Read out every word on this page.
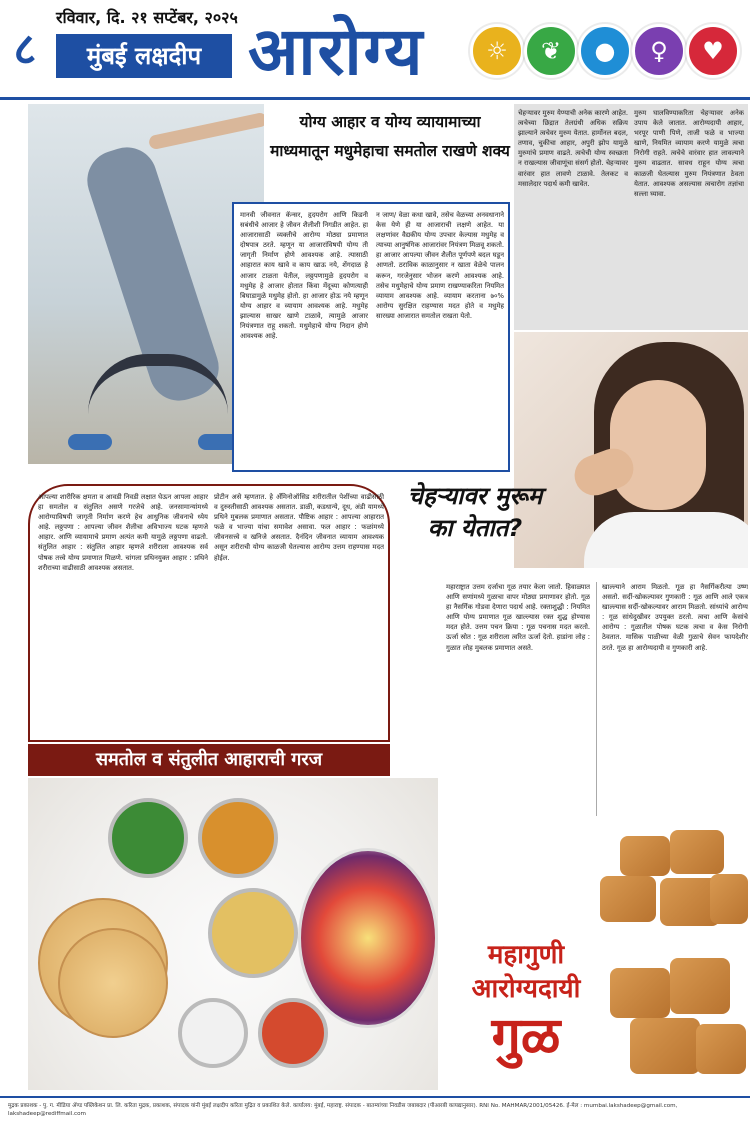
८
रविवार, दि. २१ सप्टेंबर, २०२५
मुंबई लक्षदीप आरोग्य	☼	❦	●	♀	♥
योग्य आहार व योग्य व्यायामाच्या माध्यमातून मधुमेहाचा समतोल राखणे शक्य
मानवी जीवनात कॅन्सर, हृदयरोग आणि किडनी सबंधीचे आजार हे जीवन शैलीशी निगडीत आहेत. हा आजारासाठी व्यक्तीचे आरोग्य मोठ्या प्रमाणात दोषपात्र ठरते. म्हणून या आजारांविषयी योग्य ती जागृती निर्माण होणे आवश्यक आहे. त्यासाठी आहारात काय खावे व काय खाऊ नये, शेंगदाळ हे आजार टाळता येतील, लठ्ठपणामुळे हृदयरोग व मधुमेह हे आजार होतात किंवा मेंदूच्या कोणत्याही बिघाडामुळे मधुमेह होतो. हा आजार होऊ नये म्हणून योग्य आहार व व्यायाम आवश्यक आहे. मधुमेह झाल्यास साखर खाणे टाळावे, त्यामुळे आजार नियंत्रणात राहू शकतो. मधुमेहाचे योग्य निदान होणे आवश्यक आहे.
न जाण/ वेळा कधा खावे, तसेच वेळच्या अनवधानाने केस येणे ही या आजाराची लक्षणे आहेत. या लक्षणांवर वैद्यकीय योग्य उपचार केल्यास मधुमेह व त्याच्या आनुषंगिक आजारांवर नियंत्रण मिळवू शकतो. हा आजार आपल्या जीवन शैलीत पूर्णपणे बदल घडून आणतो. ठराविक काळानुसार न खाता वेळेचे पालन करून, गरजेनुसार भोजन करणे आवश्यक आहे. तसेच मधुमेहाचे योग्य प्रमाण राखण्याकरिता नियमित व्यायाम आवश्यक आहे. व्यायाम करताना ७०% आरोग्य सुरक्षित राहण्यास मदत होते व मधुमेह सारख्या आजारात समतोल राखता येतो.
चेहऱ्यावर मुरुम येण्याची अनेक कारणे आहेत. त्वचेच्या छिद्रात तेलग्रंथी अधिक सक्रिय झाल्याने त्वचेवर मुरुम येतात. हार्मोनल बदल, तणाव, चुकीचा आहार, अपुरी झोप यामुळे मुरुमांचे प्रमाण वाढते. त्वचेची योग्य स्वच्छता न राखल्यास जीवाणूंचा संसर्ग होतो. चेहऱ्यावर वारंवार हात लावणे टाळावे. तेलकट व मसालेदार पदार्थ कमी खावेत.
मुरुम घालविण्याकरिता चेहऱ्यावर अनेक उपाय केले जातात. आरोग्यदायी आहार, भरपूर पाणी पिणे, ताजी फळे व भाज्या खाणे, नियमित व्यायाम करणे यामुळे त्वचा निरोगी राहते. त्वचेचे वारंवार हात लावल्याने मुरुम वाढतात. सावध राहून योग्य त्वचा काळजी घेतल्यास मुरुम नियंत्रणात ठेवता येतात. आवश्यक असल्यास त्वचारोग तज्ञांचा सल्ला घ्यावा.
चेहऱ्यावर मुरूम का येतात?
आपल्या शारीरिक क्षमता व आवडी निवडी लक्षात घेऊन आपला आहार हा समतोल व संतुलित असणे गरजेचे आहे. जनसामान्यांमध्ये आरोग्याविषयी जागृती निर्माण करणे हेच आधुनिक जीवनाचे ध्येय आहे. लठ्ठपणा : आपल्या जीवन शैलीचा अविभाज्य घटक म्हणजे आहार. आणि व्यायामाचे प्रमाण अत्यंत कमी यामुळे लठ्ठपणा वाढतो. संतुलित आहार : संतुलित आहार म्हणजे शरीराला आवश्यक सर्व पोषक तत्त्वे योग्य प्रमाणात मिळणे. चांगला प्रथिनयुक्त आहार : प्रथिने शरीराच्या वाढीसाठी आवश्यक असतात.
प्रोटीन असे म्हणतात. हे अँमिनोऑसिड शरीरातील पेशींच्या वाढीसाठी व दुरुस्तीसाठी आवश्यक असतात. डाळी, कडधान्ये, दूध, अंडी यामध्ये प्रथिने मुबलक प्रमाणात असतात. पौष्टिक आहार : आपल्या आहारात फळे व भाज्या यांचा समावेश असावा. फल आहार : फळांमध्ये जीवनसत्त्वे व खनिजे असतात. दैनंदिन जीवनात व्यायाम आवश्यक असून शरीराची योग्य काळजी घेतल्यास आरोग्य उत्तम राहण्यास मदत होईल.
समतोल व संतुलीत आहाराची गरज
महाराष्ट्रात उत्तम दर्जाचा गूळ तयार केला जातो. हिवाळ्यात आणि सणांमध्ये गुळाचा वापर मोठ्या प्रमाणावर होतो. गूळ हा नैसर्गिक गोडवा देणारा पदार्थ आहे. रक्ताशुद्धी : नियमित आणि योग्य प्रमाणात गूळ खाल्ल्यास रक्त शुद्ध होण्यास मदत होते. उत्तम पचन क्रिया : गूळ पचनास मदत करतो. ऊर्जा स्रोत : गूळ शरीराला त्वरित ऊर्जा देतो. हाडांना लोह : गुळात लोह मुबलक प्रमाणात असते.
खाल्ल्याने आराम मिळतो. गूळ हा नैसर्गिकरीत्या उष्ण असतो. सर्दी-खोकल्यावर गुणकारी : गूळ आणि आले एकत्र खाल्ल्यास सर्दी-खोकल्यावर आराम मिळतो. सांध्यांचे आरोग्य : गूळ सांधेदुखीवर उपयुक्त ठरतो. त्वचा आणि केसांचे आरोग्य : गुळातील पोषक घटक त्वचा व केस निरोगी ठेवतात. मासिक पाळीच्या वेळी गुळाचे सेवन फायदेशीर ठरते. गूळ हा आरोग्यदायी व गुणकारी आहे.
महागुणी
आरोग्यदायी
गुळ
मुद्रक प्रकाशक - पु. ग. मीडिया ॲण्ड पब्लिकेशन प्रा. लि. करिता मुद्रक, प्रकाशक, संपादक यांनी मुंबई लक्षदीप करिता मुद्रित व प्रकाशित केले. कार्यालय: मुंबई, महाराष्ट्र. संपादक - बातम्यांच्या निवडीस जबाबदार (पीआरबी कायद्यानुसार). RNI No. MAHMAR/2001/05426. ई-मेल : mumbai.lakshadeep@gmail.com, lakshadeep@rediffmail.com
